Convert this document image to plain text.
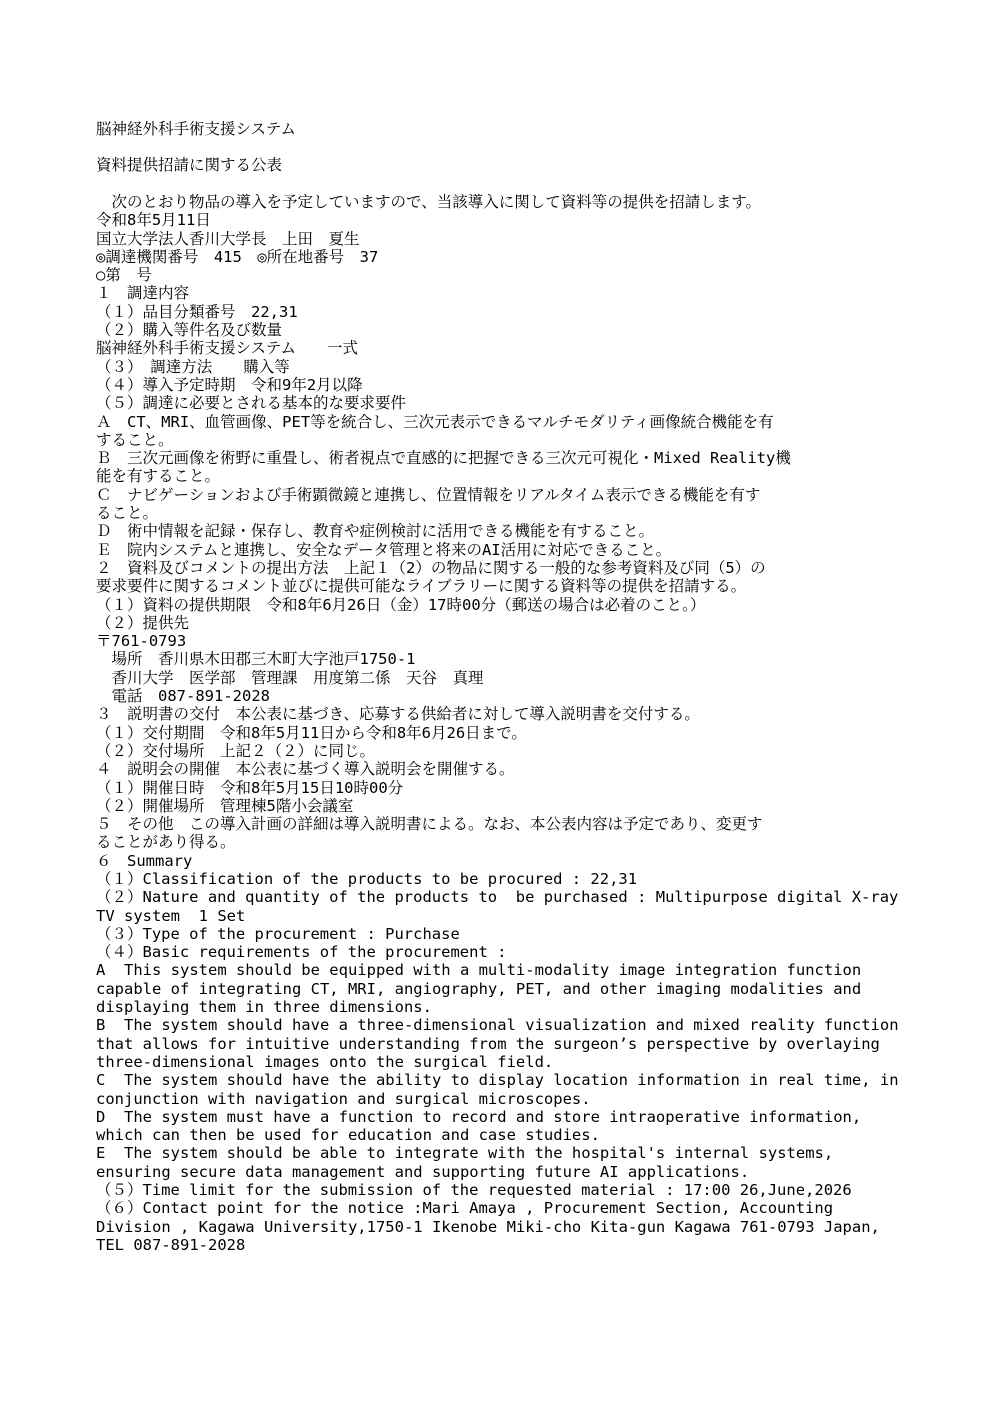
脳神経外科手術支援システム

資料提供招請に関する公表

　次のとおり物品の導入を予定していますので、当該導入に関して資料等の提供を招請します。

令和8年5月11日

国立大学法人香川大学長　上田　夏生

◎調達機関番号　415　◎所在地番号　37

○第　号

１　調達内容

（１）品目分類番号　22,31

（２）購入等件名及び数量

脳神経外科手術支援システム　　一式

（３）　調達方法　　購入等

（４）導入予定時期　令和9年2月以降

（５）調達に必要とされる基本的な要求要件

Ａ　CT、MRI、血管画像、PET等を統合し、三次元表示できるマルチモダリティ画像統合機能を有

すること。

Ｂ　三次元画像を術野に重畳し、術者視点で直感的に把握できる三次元可視化・Mixed Reality機

能を有すること。

Ｃ　ナビゲーションおよび手術顕微鏡と連携し、位置情報をリアルタイム表示できる機能を有す

ること。

Ｄ　術中情報を記録・保存し、教育や症例検討に活用できる機能を有すること。

Ｅ　院内システムと連携し、安全なデータ管理と将来のAI活用に対応できること。

２　資料及びコメントの提出方法　上記１（2）の物品に関する一般的な参考資料及び同（5）の

要求要件に関するコメント並びに提供可能なライブラリーに関する資料等の提供を招請する。

（１）資料の提供期限　令和8年6月26日（金）17時00分（郵送の場合は必着のこと。）

（２）提供先

〒761-0793

　場所　香川県木田郡三木町大字池戸1750-1

　香川大学　医学部　管理課　用度第二係　天谷　真理

　電話　087-891-2028

３　説明書の交付　本公表に基づき、応募する供給者に対して導入説明書を交付する。

（１）交付期間　令和8年5月11日から令和8年6月26日まで。

（２）交付場所　上記２（２）に同じ。

４　説明会の開催　本公表に基づく導入説明会を開催する。

（１）開催日時　令和8年5月15日10時00分

（２）開催場所　管理棟5階小会議室

５　その他　この導入計画の詳細は導入説明書による。なお、本公表内容は予定であり、変更す

ることがあり得る。

６　Summary

（１）Classification of the products to be procured : 22,31

（２）Nature and quantity of the products to  be purchased : Multipurpose digital X-ray

TV system  1 Set

（３）Type of the procurement : Purchase

（４）Basic requirements of the procurement :

A  This system should be equipped with a multi-modality image integration function

capable of integrating CT, MRI, angiography, PET, and other imaging modalities and

displaying them in three dimensions.

B  The system should have a three-dimensional visualization and mixed reality function

that allows for intuitive understanding from the surgeon’s perspective by overlaying

three-dimensional images onto the surgical field.

C  The system should have the ability to display location information in real time, in

conjunction with navigation and surgical microscopes.

D  The system must have a function to record and store intraoperative information,

which can then be used for education and case studies.

E  The system should be able to integrate with the hospital's internal systems,

ensuring secure data management and supporting future AI applications.

（５）Time limit for the submission of the requested material : 17:00 26,June,2026

（６）Contact point for the notice :Mari Amaya , Procurement Section, Accounting

Division , Kagawa University,1750-1 Ikenobe Miki-cho Kita-gun Kagawa 761-0793 Japan,

TEL 087-891-2028
